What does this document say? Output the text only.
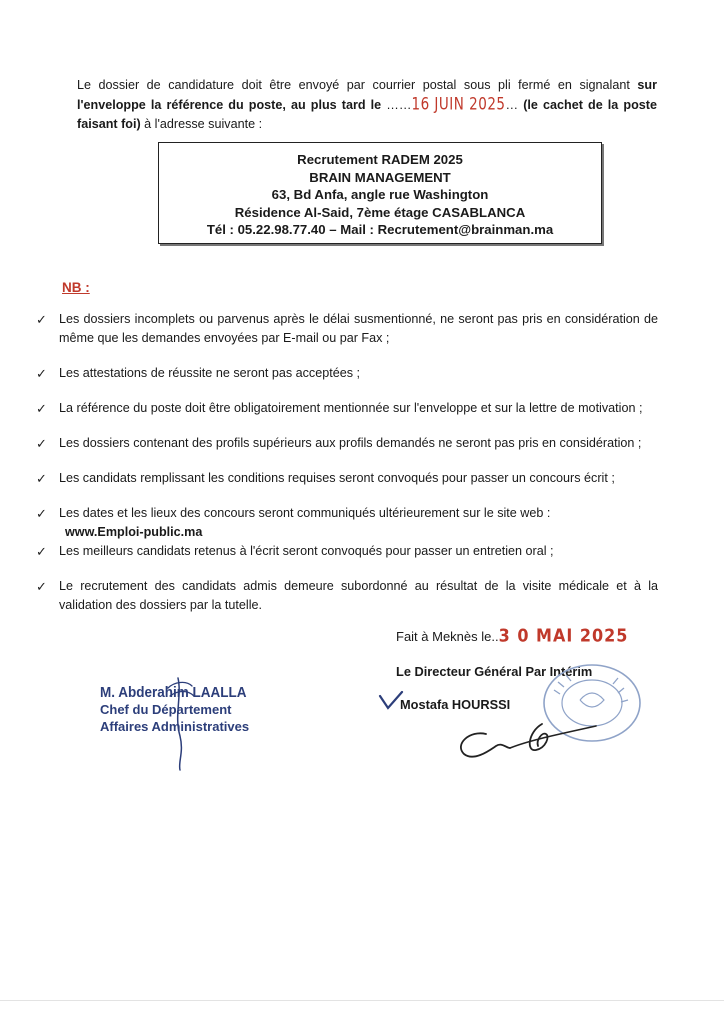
Le dossier de candidature doit être envoyé par courrier postal sous pli fermé en signalant sur l'enveloppe la référence du poste, au plus tard le ……16 JUIN 2025… (le cachet de la poste faisant foi) à l'adresse suivante :
Recrutement RADEM 2025
BRAIN MANAGEMENT
63, Bd Anfa, angle rue Washington
Résidence Al-Said, 7ème étage CASABLANCA
Tél : 05.22.98.77.40 – Mail : Recrutement@brainman.ma
NB :
✓ Les dossiers incomplets ou parvenus après le délai susmentionné, ne seront pas pris en considération de même que les demandes envoyées par E-mail ou par Fax ;
✓ Les attestations de réussite ne seront pas acceptées ;
✓ La référence du poste doit être obligatoirement mentionnée sur l'enveloppe et sur la lettre de motivation ;
✓ Les dossiers contenant des profils supérieurs aux profils demandés ne seront pas pris en considération ;
✓ Les candidats remplissant les conditions requises seront convoqués pour passer un concours écrit ;
✓ Les dates et les lieux des concours seront communiqués ultérieurement sur le site web :
www.Emploi-public.ma
✓ Les meilleurs candidats retenus à l'écrit seront convoqués pour passer un entretien oral ;
✓ Le recrutement des candidats admis demeure subordonné au résultat de la visite médicale et à la validation des dossiers par la tutelle.
Fait à Meknès le..3 0 MAI 2025
Le Directeur Général Par Intérim
Mostafa HOURSSI
M. Abderahim LAALLA
Chef du Département
Affaires Administratives
